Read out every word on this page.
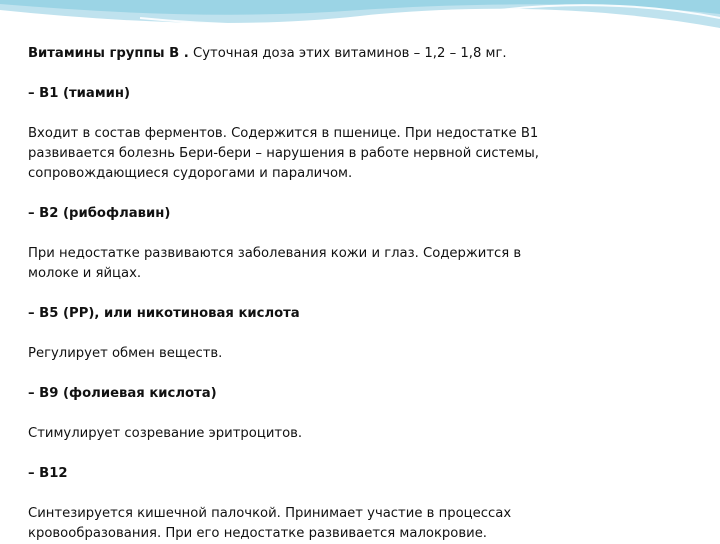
Витамины группы B . Суточная доза этих витаминов – 1,2 – 1,8 мг.

– B1 (тиамин)

Входит в состав ферментов. Содержится в пшенице. При недостатке В1
развивается болезнь Бери-бери – нарушения в работе нервной системы,
сопровождающиеся судорогами и параличом.

– B2 (рибофлавин)

При недостатке развиваются заболевания кожи и глаз. Содержится в
молоке и яйцах.

– B5 (PP), или никотиновая кислота

Регулирует обмен веществ.

– B9 (фолиевая кислота)

Стимулирует созревание эритроцитов.

– B12

Синтезируется кишечной палочкой. Принимает участие в процессах
кровообразования. При его недостатке развивается малокровие.
